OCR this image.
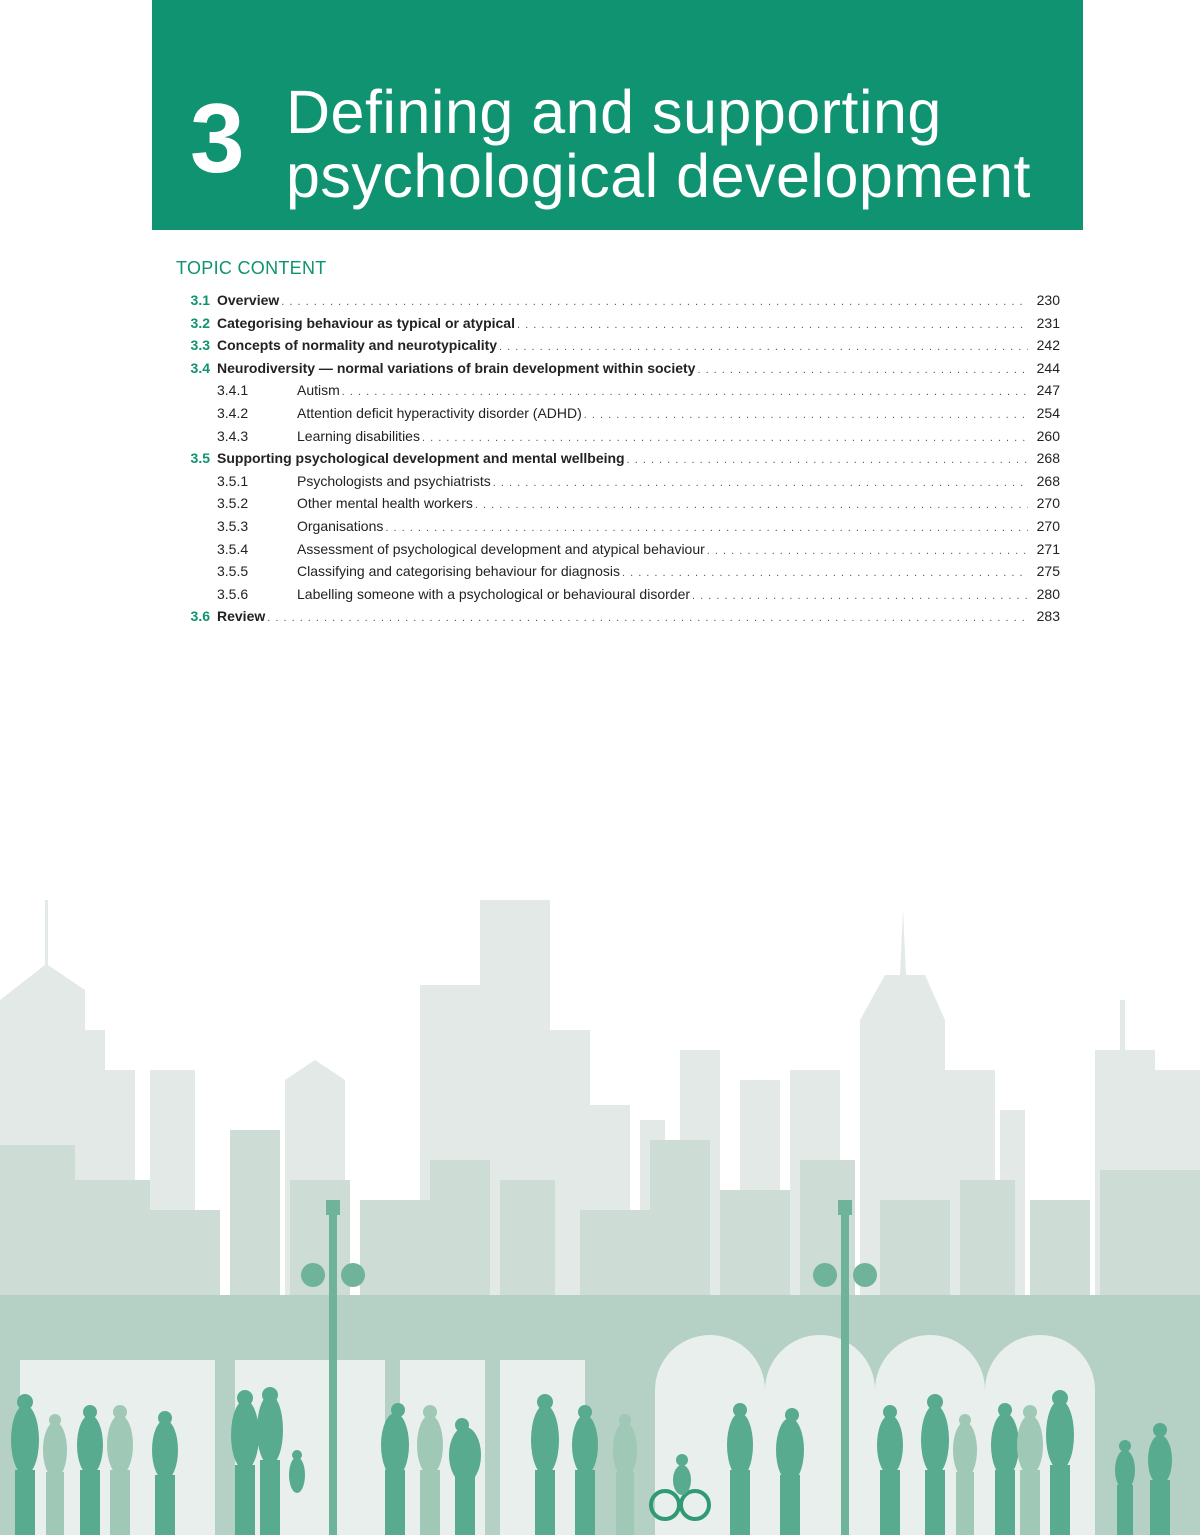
3 Defining and supporting
psychological development
TOPIC CONTENT
3.1 Overview . . .	230
3.2 Categorising behaviour as typical or atypical . . .	231
3.3 Concepts of normality and neurotypicality . . .	242
3.4 Neurodiversity — normal variations of brain development within society . . .	244
3.4.1	Autism . . .	247
3.4.2	Attention deficit hyperactivity disorder (ADHD) . . .	254
3.4.3	Learning disabilities . . .	260
3.5 Supporting psychological development and mental wellbeing . . .	268
3.5.1	Psychologists and psychiatrists . . .	268
3.5.2	Other mental health workers . . .	270
3.5.3	Organisations . . .	270
3.5.4	Assessment of psychological development and atypical behaviour . . .	271
3.5.5	Classifying and categorising behaviour for diagnosis . . .	275
3.5.6	Labelling someone with a psychological or behavioural disorder . . .	280
3.6 Review . . .	283
